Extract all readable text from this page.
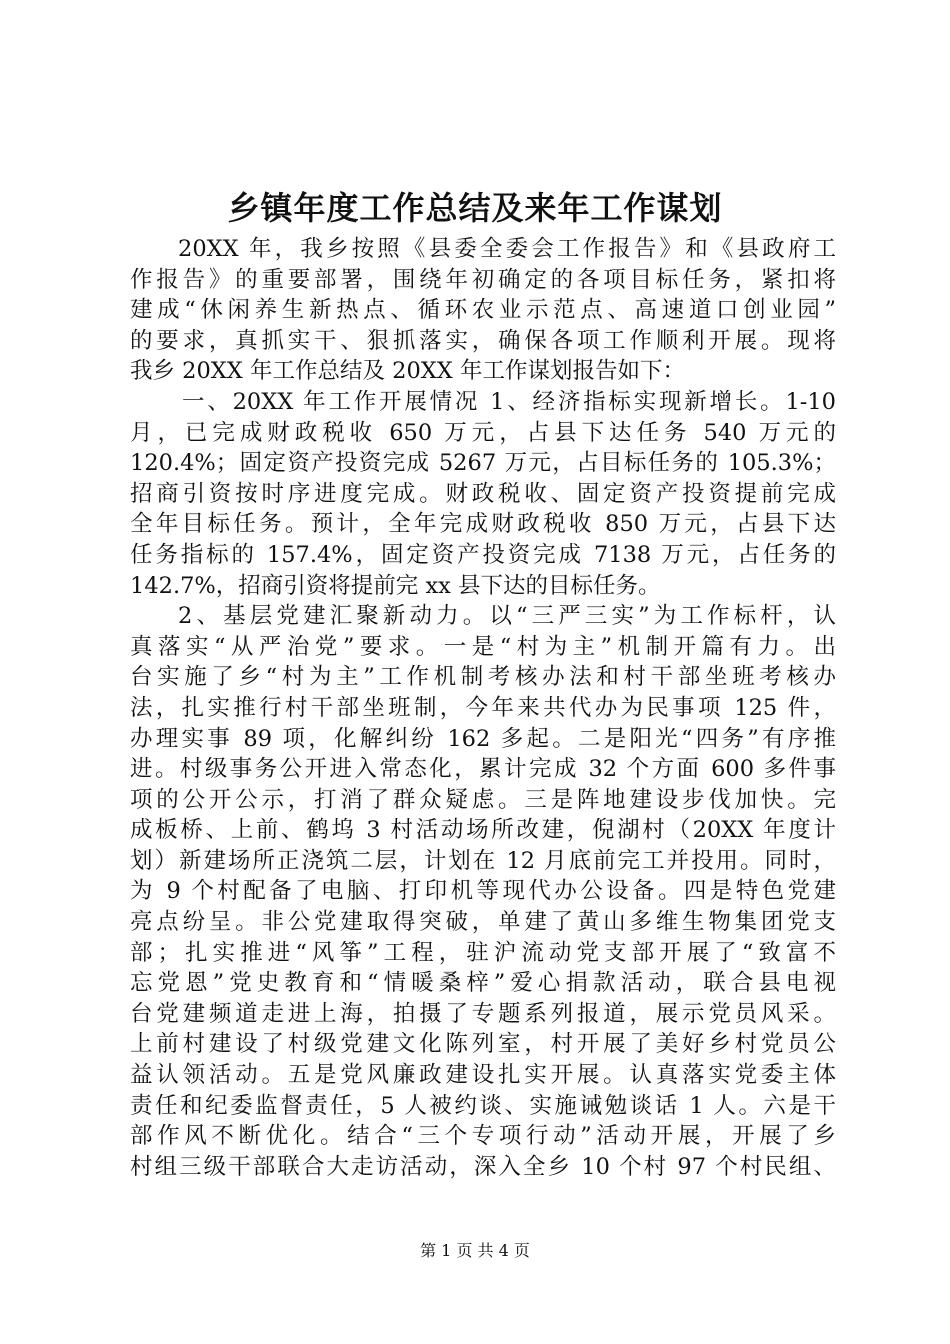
乡镇年度工作总结及来年工作谋划
20XX 年，我乡按照《县委全委会工作报告》和《县政府工
作报告》的重要部署，围绕年初确定的各项目标任务，紧扣将
建成“休闲养生新热点、循环农业示范点、高速道口创业园”
的要求，真抓实干、狠抓落实，确保各项工作顺利开展。现将
我乡 20XX 年工作总结及 20XX 年工作谋划报告如下：
一、20XX 年工作开展情况 1、经济指标实现新增长。1-10
月，已完成财政税收 650 万元，占县下达任务 540 万元的
120.4%；固定资产投资完成 5267 万元，占目标任务的 105.3%；
招商引资按时序进度完成。财政税收、固定资产投资提前完成
全年目标任务。预计，全年完成财政税收 850 万元，占县下达
任务指标的 157.4%，固定资产投资完成 7138 万元，占任务的
142.7%，招商引资将提前完 xx 县下达的目标任务。
2、基层党建汇聚新动力。以“三严三实”为工作标杆，认
真落实“从严治党”要求。一是“村为主”机制开篇有力。出
台实施了乡“村为主”工作机制考核办法和村干部坐班考核办
法，扎实推行村干部坐班制，今年来共代办为民事项 125 件，
办理实事 89 项，化解纠纷 162 多起。二是阳光“四务”有序推
进。村级事务公开进入常态化，累计完成 32 个方面 600 多件事
项的公开公示，打消了群众疑虑。三是阵地建设步伐加快。完
成板桥、上前、鹤坞 3 村活动场所改建，倪湖村（20XX 年度计
划）新建场所正浇筑二层，计划在 12 月底前完工并投用。同时，
为 9 个村配备了电脑、打印机等现代办公设备。四是特色党建
亮点纷呈。非公党建取得突破，单建了黄山多维生物集团党支
部；扎实推进“风筝”工程，驻沪流动党支部开展了“致富不
忘党恩”党史教育和“情暖桑梓”爱心捐款活动，联合县电视
台党建频道走进上海，拍摄了专题系列报道，展示党员风采。
上前村建设了村级党建文化陈列室，村开展了美好乡村党员公
益认领活动。五是党风廉政建设扎实开展。认真落实党委主体
责任和纪委监督责任，5 人被约谈、实施诫勉谈话 1 人。六是干
部作风不断优化。结合“三个专项行动”活动开展，开展了乡
村组三级干部联合大走访活动，深入全乡 10 个村 97 个村民组、
第 1 页 共 4 页
